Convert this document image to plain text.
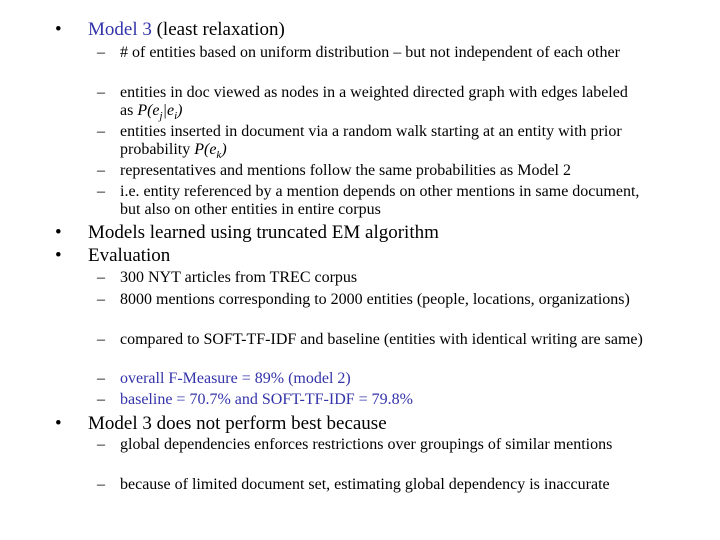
• Model 3 (least relaxation)
– # of entities based on uniform distribution – but not independent of each other
– entities in doc viewed as nodes in a weighted directed graph with edges labeled as $P(e_j|e_i)$
– entities inserted in document via a random walk starting at an entity with prior probability $P(e_k)$
– representatives and mentions follow the same probabilities as Model 2
– i.e. entity referenced by a mention depends on other mentions in same document, but also on other entities in entire corpus
• Models learned using truncated EM algorithm
• Evaluation
– 300 NYT articles from TREC corpus
– 8000 mentions corresponding to 2000 entities (people, locations, organizations)
– compared to SOFT-TF-IDF and baseline (entities with identical writing are same)
– overall F-Measure = 89% (model 2)
– baseline = 70.7% and SOFT-TF-IDF = 79.8%
• Model 3 does not perform best because
– global dependencies enforces restrictions over groupings of similar mentions
– because of limited document set, estimating global dependency is inaccurate
